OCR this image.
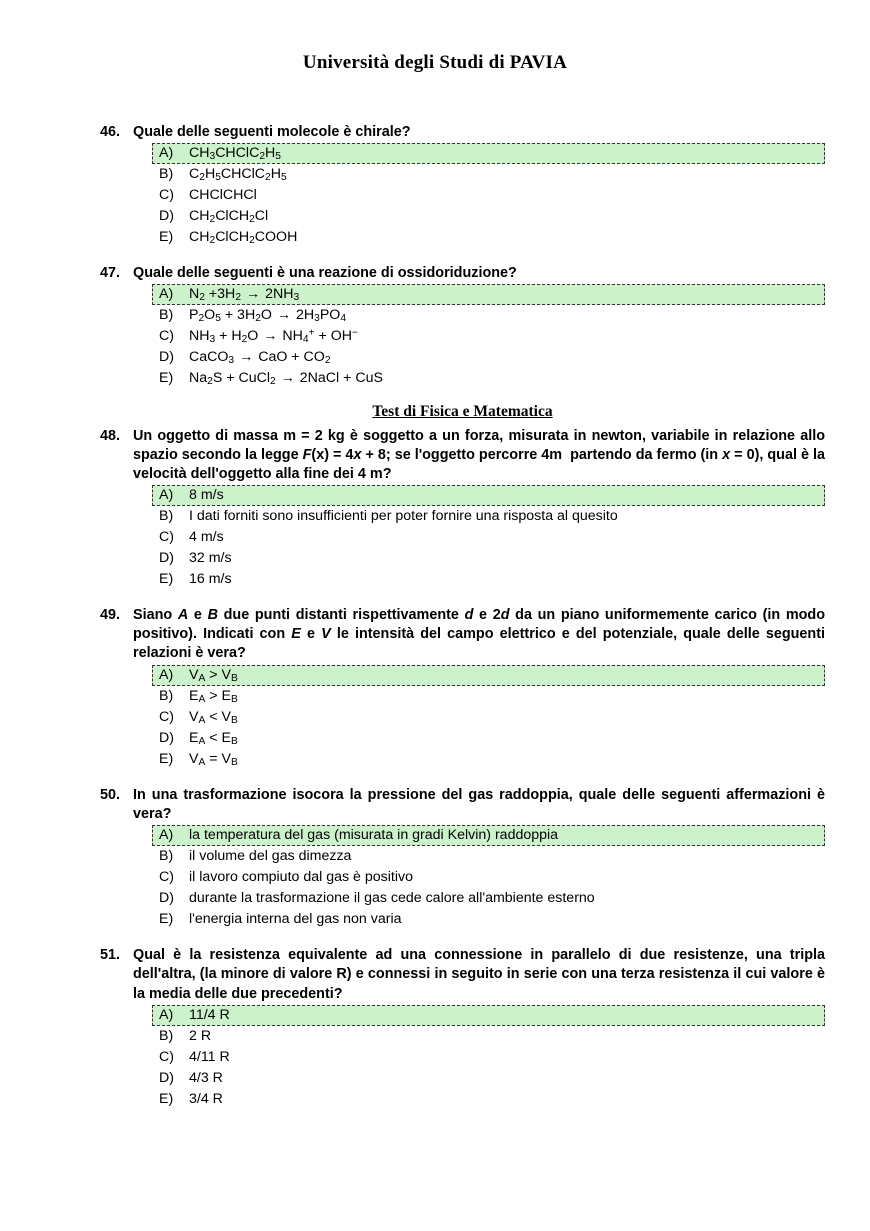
Università degli Studi di PAVIA
46. Quale delle seguenti molecole è chirale?
A)	$CH_3CHClC_2H_5$
B)	$C_2H_5CHClC_2H_5$
C)	CHClCHCl
D)	$CH_2ClCH_2Cl$
E)	$CH_2ClCH_2COOH$
47. Quale delle seguenti è una reazione di ossidoriduzione?
A)	$N_2 +3H_2 \to 2NH_3$
B)	$P_2O_5 + 3H_2O \to 2H_3PO_4$
C)	$NH_3 + H_2O \to NH_4^+ + OH^-$
D)	CaCO$_3$ → CaO + $CO_2$
E)	$Na_2S$ + CuCl$_2$ → 2NaCl + CuS
Test di Fisica e Matematica
48. Un oggetto di massa m = 2 kg è soggetto a un forza, misurata in newton, variabile in relazione allo spazio secondo la legge F(x) = 4x + 8; se l'oggetto percorre 4m  partendo da fermo (in x = 0), qual è la velocità dell'oggetto alla fine dei 4 m?
A)	8 m/s
B)	I dati forniti sono insufficienti per poter fornire una risposta al quesito
C)	4 m/s
D)	32 m/s
E)	16 m/s
49. Siano A e B due punti distanti rispettivamente d e 2d da un piano uniformemente carico (in modo positivo). Indicati con E e V le intensità del campo elettrico e del potenziale, quale delle seguenti relazioni è vera?
A)	$V_A > V_B$
B)	$E_A > E_B$
C)	$V_A < V_B$
D)	$E_A < E_B$
E)	$V_A = V_B$
50. In una trasformazione isocora la pressione del gas raddoppia, quale delle seguenti affermazioni è vera?
A)	la temperatura del gas (misurata in gradi Kelvin) raddoppia
B)	il volume del gas dimezza
C)	il lavoro compiuto dal gas è positivo
D)	durante la trasformazione il gas cede calore all'ambiente esterno
E)	l'energia interna del gas non varia
51. Qual è la resistenza equivalente ad una connessione in parallelo di due resistenze, una tripla dell'altra, (la minore di valore R) e connessi in seguito in serie con una terza resistenza il cui valore è la media delle due precedenti?
A)	11/4 R
B)	2 R
C)	4/11 R
D)	4/3 R
E)	3/4 R
